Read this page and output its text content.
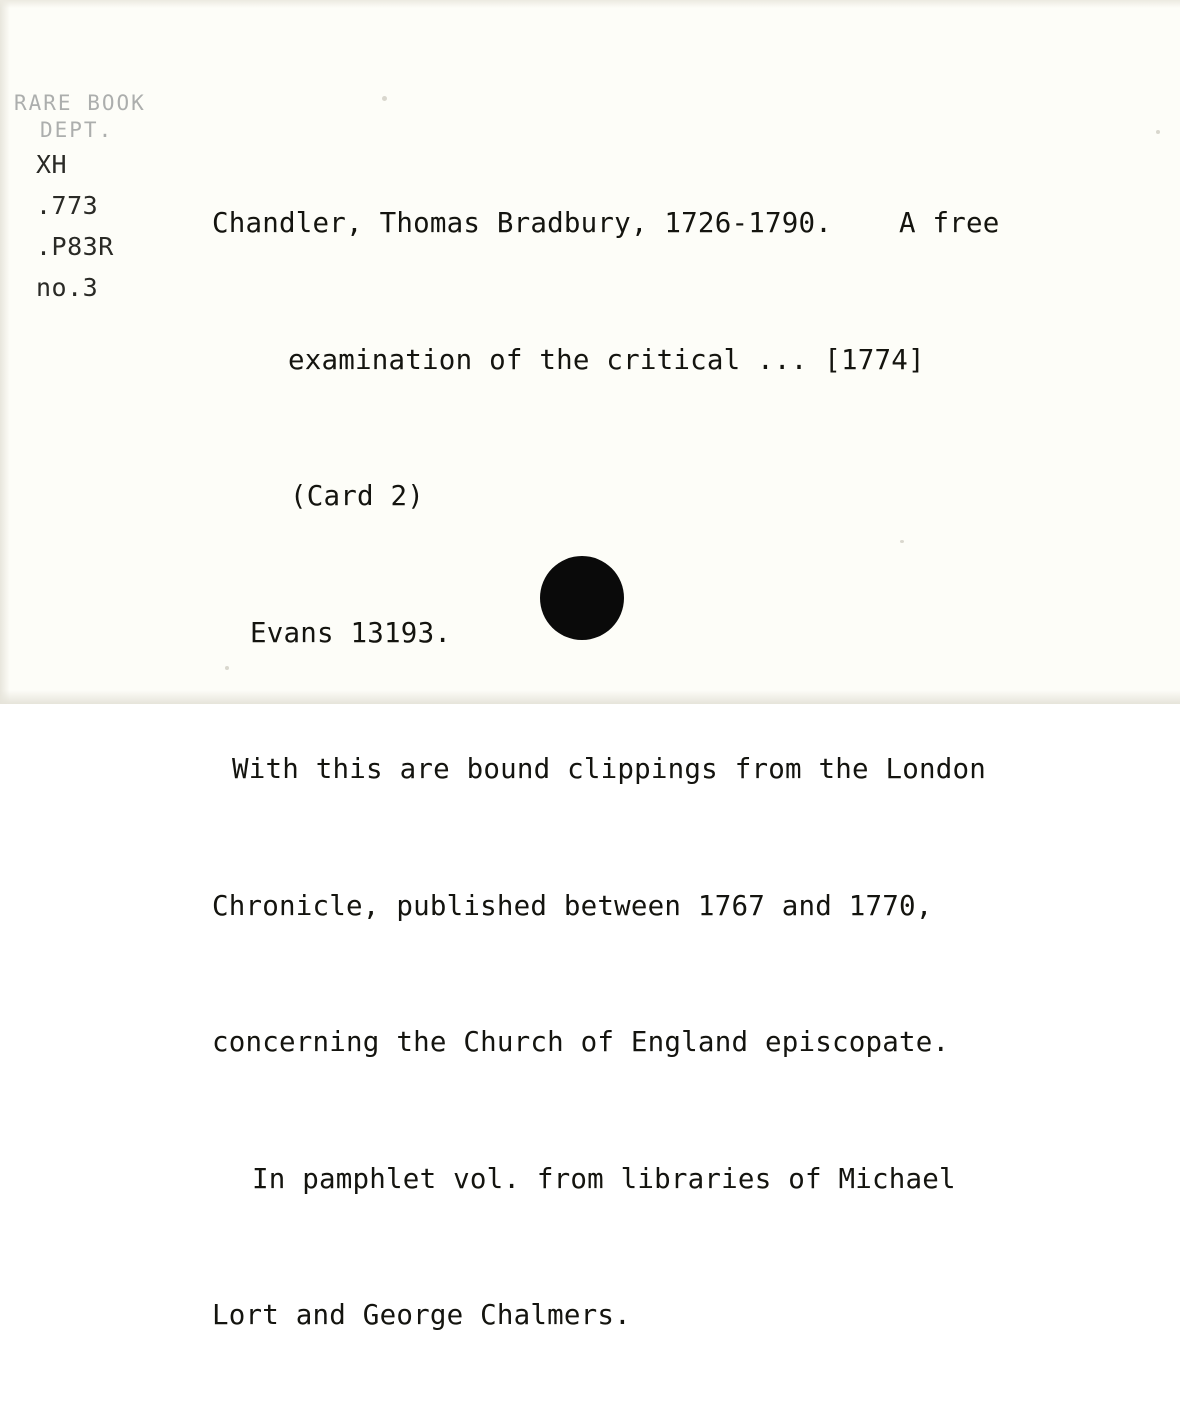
RARE BOOK
DEPT.
XH
.773
.P83R
no.3

Chandler, Thomas Bradbury, 1726-1790.    A free

examination of the critical ... [1774]

(Card 2)

Evans 13193.

With this are bound clippings from the London

Chronicle, published between 1767 and 1770,

concerning the Church of England episcopate.

In pamphlet vol. from libraries of Michael

Lort and George Chalmers.
